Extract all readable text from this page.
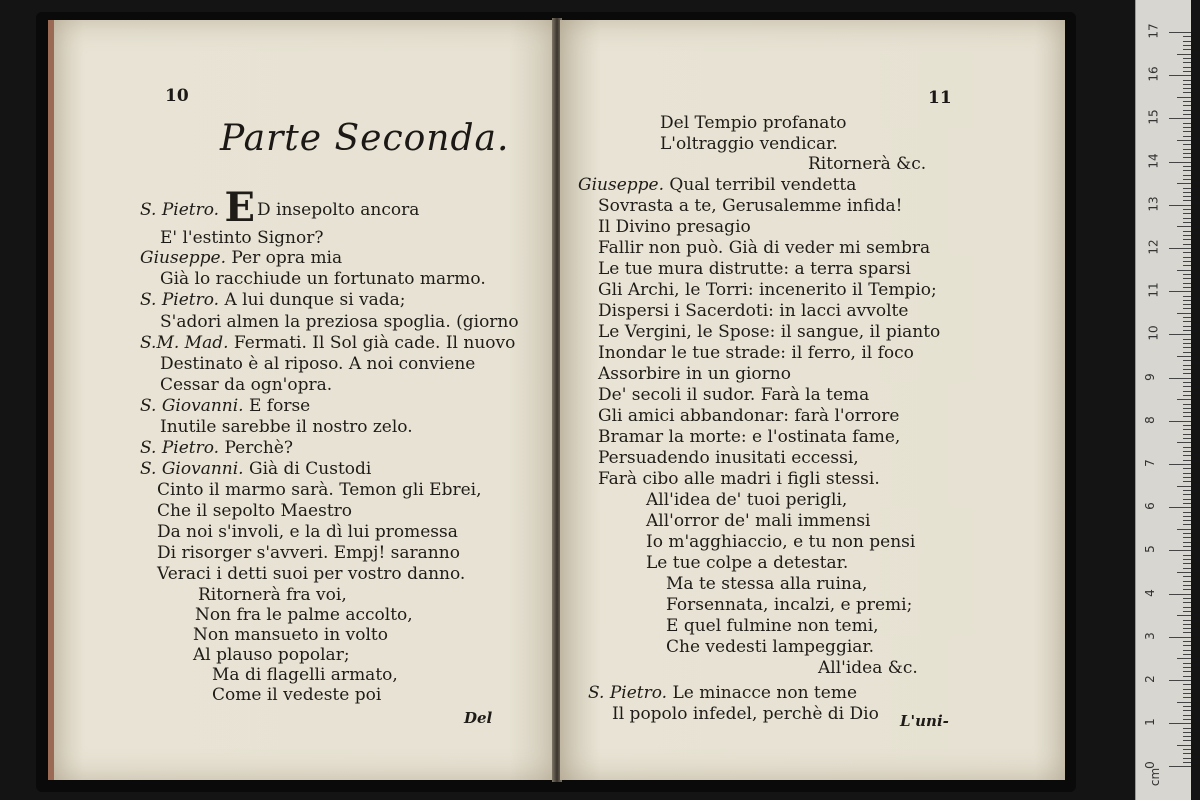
10
Parte Seconda.
S. Pietro. E D insepolto ancora
E' l'estinto Signor?
Giuseppe. Per opra mia
Già lo racchiude un fortunato marmo.
S. Pietro. A lui dunque si vada;
S'adori almen la preziosa spoglia. (giorno
S.M. Mad. Fermati. Il Sol già cade. Il nuovo
Destinato è al riposo. A noi conviene
Cessar da ogn'opra.
S. Giovanni. E forse
Inutile sarebbe il nostro zelo.
S. Pietro. Perchè?
S. Giovanni. Già di Custodi
Cinto il marmo sarà. Temon gli Ebrei,
Che il sepolto Maestro
Da noi s'involi, e la dì lui promessa
Di risorger s'avveri. Empj! saranno
Veraci i detti suoi per vostro danno.
Ritornerà fra voi,
Non fra le palme accolto,
Non mansueto in volto
Al plauso popolar;
Ma di flagelli armato,
Come il vedeste poi
Del
11
Del Tempio profanato
L'oltraggio vendicar.
Ritornerà &c.
Giuseppe. Qual terribil vendetta
Sovrasta a te, Gerusalemme infida!
Il Divino presagio
Fallir non può. Già di veder mi sembra
Le tue mura distrutte: a terra sparsi
Gli Archi, le Torri: incenerito il Tempio;
Dispersi i Sacerdoti: in lacci avvolte
Le Vergini, le Spose: il sangue, il pianto
Inondar le tue strade: il ferro, il foco
Assorbire in un giorno
De' secoli il sudor. Farà la tema
Gli amici abbandonar: farà l'orrore
Bramar la morte: e l'ostinata fame,
Persuadendo inusitati eccessi,
Farà cibo alle madri i figli stessi.
All'idea de' tuoi perigli,
All'orror de' mali immensi
Io m'agghiaccio, e tu non pensi
Le tue colpe a detestar.
Ma te stessa alla ruina,
Forsennata, incalzi, e premi;
E quel fulmine non temi,
Che vedesti lampeggiar.
All'idea &c.
S. Pietro. Le minacce non teme
Il popolo infedel, perchè di Dio L'uni-
17
16
15
14
13
12
11
10
9
8
7
6
5
4
3
2
1
0
cm
